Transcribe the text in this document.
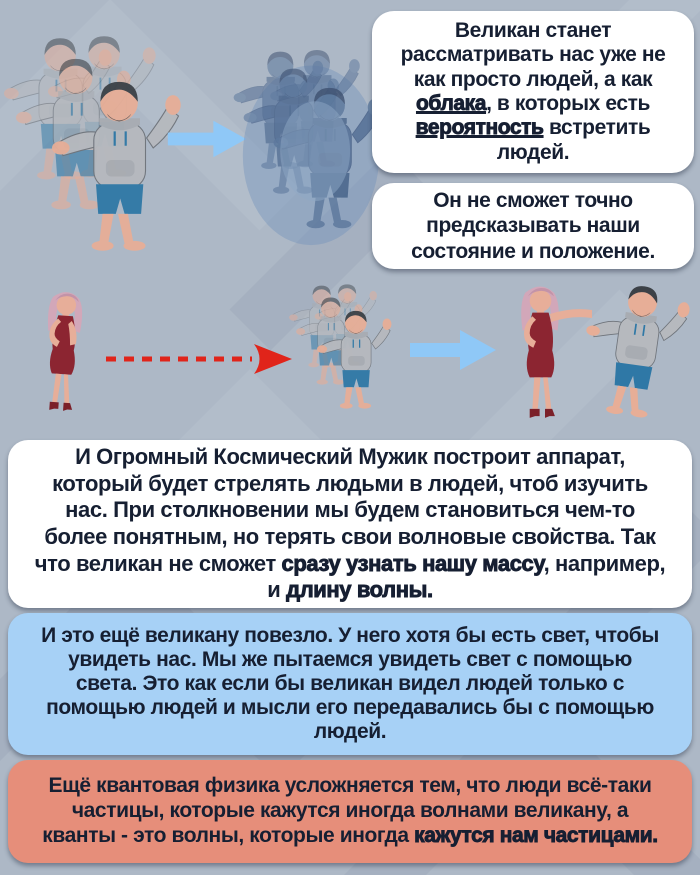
Великан станет рассматривать нас уже не как просто людей, а как облака, в которых есть вероятность встретить людей.
Он не сможет точно предсказывать наши состояние и положение.
И Огромный Космический Мужик построит аппарат, который будет стрелять людьми в людей, чтоб изучить нас. При столкновении мы будем становиться чем-то более понятным, но терять свои волновые свойства. Так что великан не сможет сразу узнать нашу массу, например, и длину волны.
И это ещё великану повезло. У него хотя бы есть свет, чтобы увидеть нас. Мы же пытаемся увидеть свет с помощью света. Это как если бы великан видел людей только с помощью людей и мысли его передавались бы с помощью людей.
Ещё квантовая физика усложняется тем, что люди всё-таки частицы, которые кажутся иногда волнами великану, а кванты - это волны, которые иногда кажутся нам частицами.
